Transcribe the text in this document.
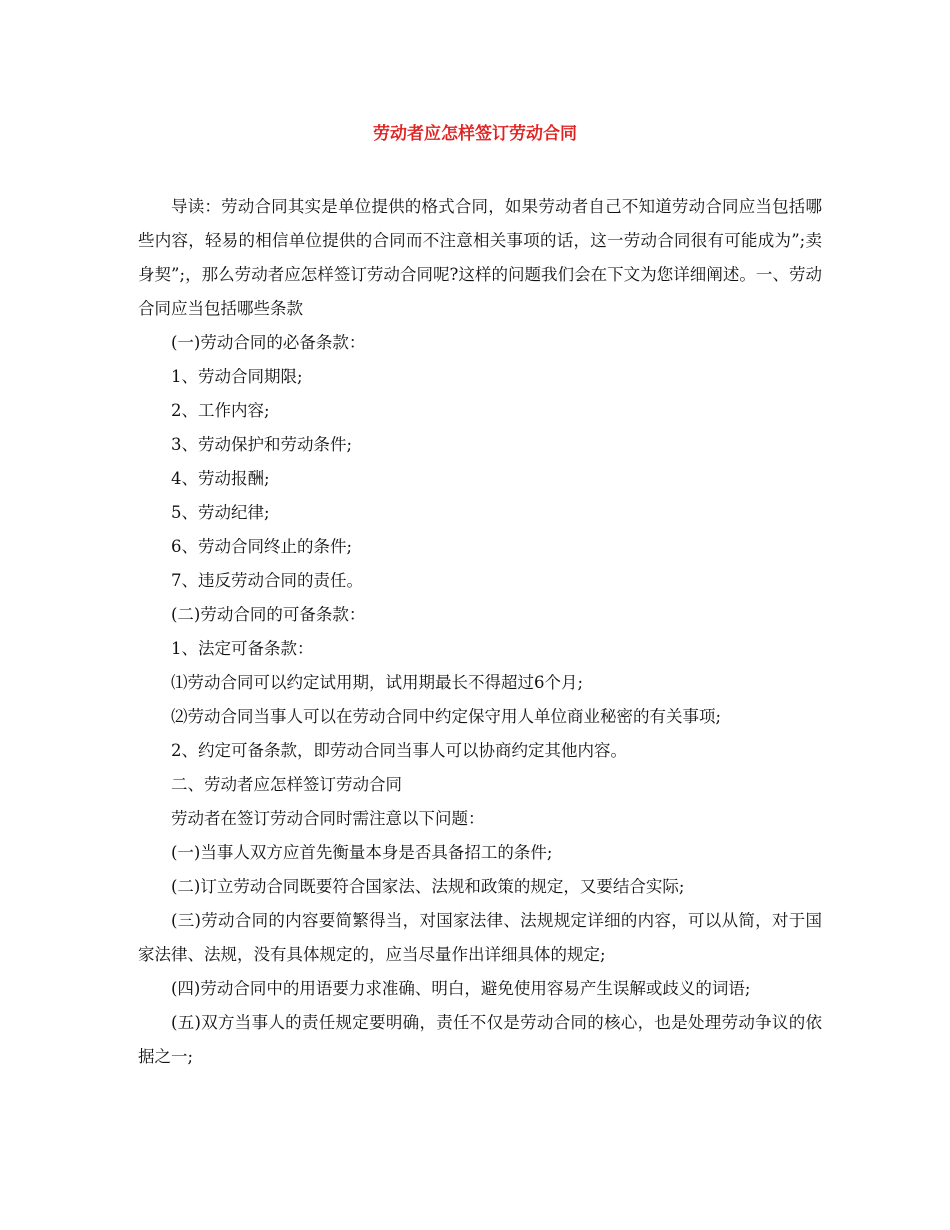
劳动者应怎样签订劳动合同

导读：劳动合同其实是单位提供的格式合同，如果劳动者自己不知道劳动合同应当包括哪些内容，轻易的相信单位提供的合同而不注意相关事项的话，这一劳动合同很有可能成为”;卖身契”;，那么劳动者应怎样签订劳动合同呢?这样的问题我们会在下文为您详细阐述。一、劳动合同应当包括哪些条款

(一)劳动合同的必备条款：

1、劳动合同期限;

2、工作内容;

3、劳动保护和劳动条件;

4、劳动报酬;

5、劳动纪律;

6、劳动合同终止的条件;

7、违反劳动合同的责任。

(二)劳动合同的可备条款：

1、法定可备条款：

⑴劳动合同可以约定试用期，试用期最长不得超过6个月;

⑵劳动合同当事人可以在劳动合同中约定保守用人单位商业秘密的有关事项;

2、约定可备条款，即劳动合同当事人可以协商约定其他内容。

二、劳动者应怎样签订劳动合同

劳动者在签订劳动合同时需注意以下问题：

(一)当事人双方应首先衡量本身是否具备招工的条件;

(二)订立劳动合同既要符合国家法、法规和政策的规定，又要结合实际;

(三)劳动合同的内容要简繁得当，对国家法律、法规规定详细的内容，可以从简，对于国家法律、法规，没有具体规定的，应当尽量作出详细具体的规定;

(四)劳动合同中的用语要力求准确、明白，避免使用容易产生误解或歧义的词语;

(五)双方当事人的责任规定要明确，责任不仅是劳动合同的核心，也是处理劳动争议的依据之一;
